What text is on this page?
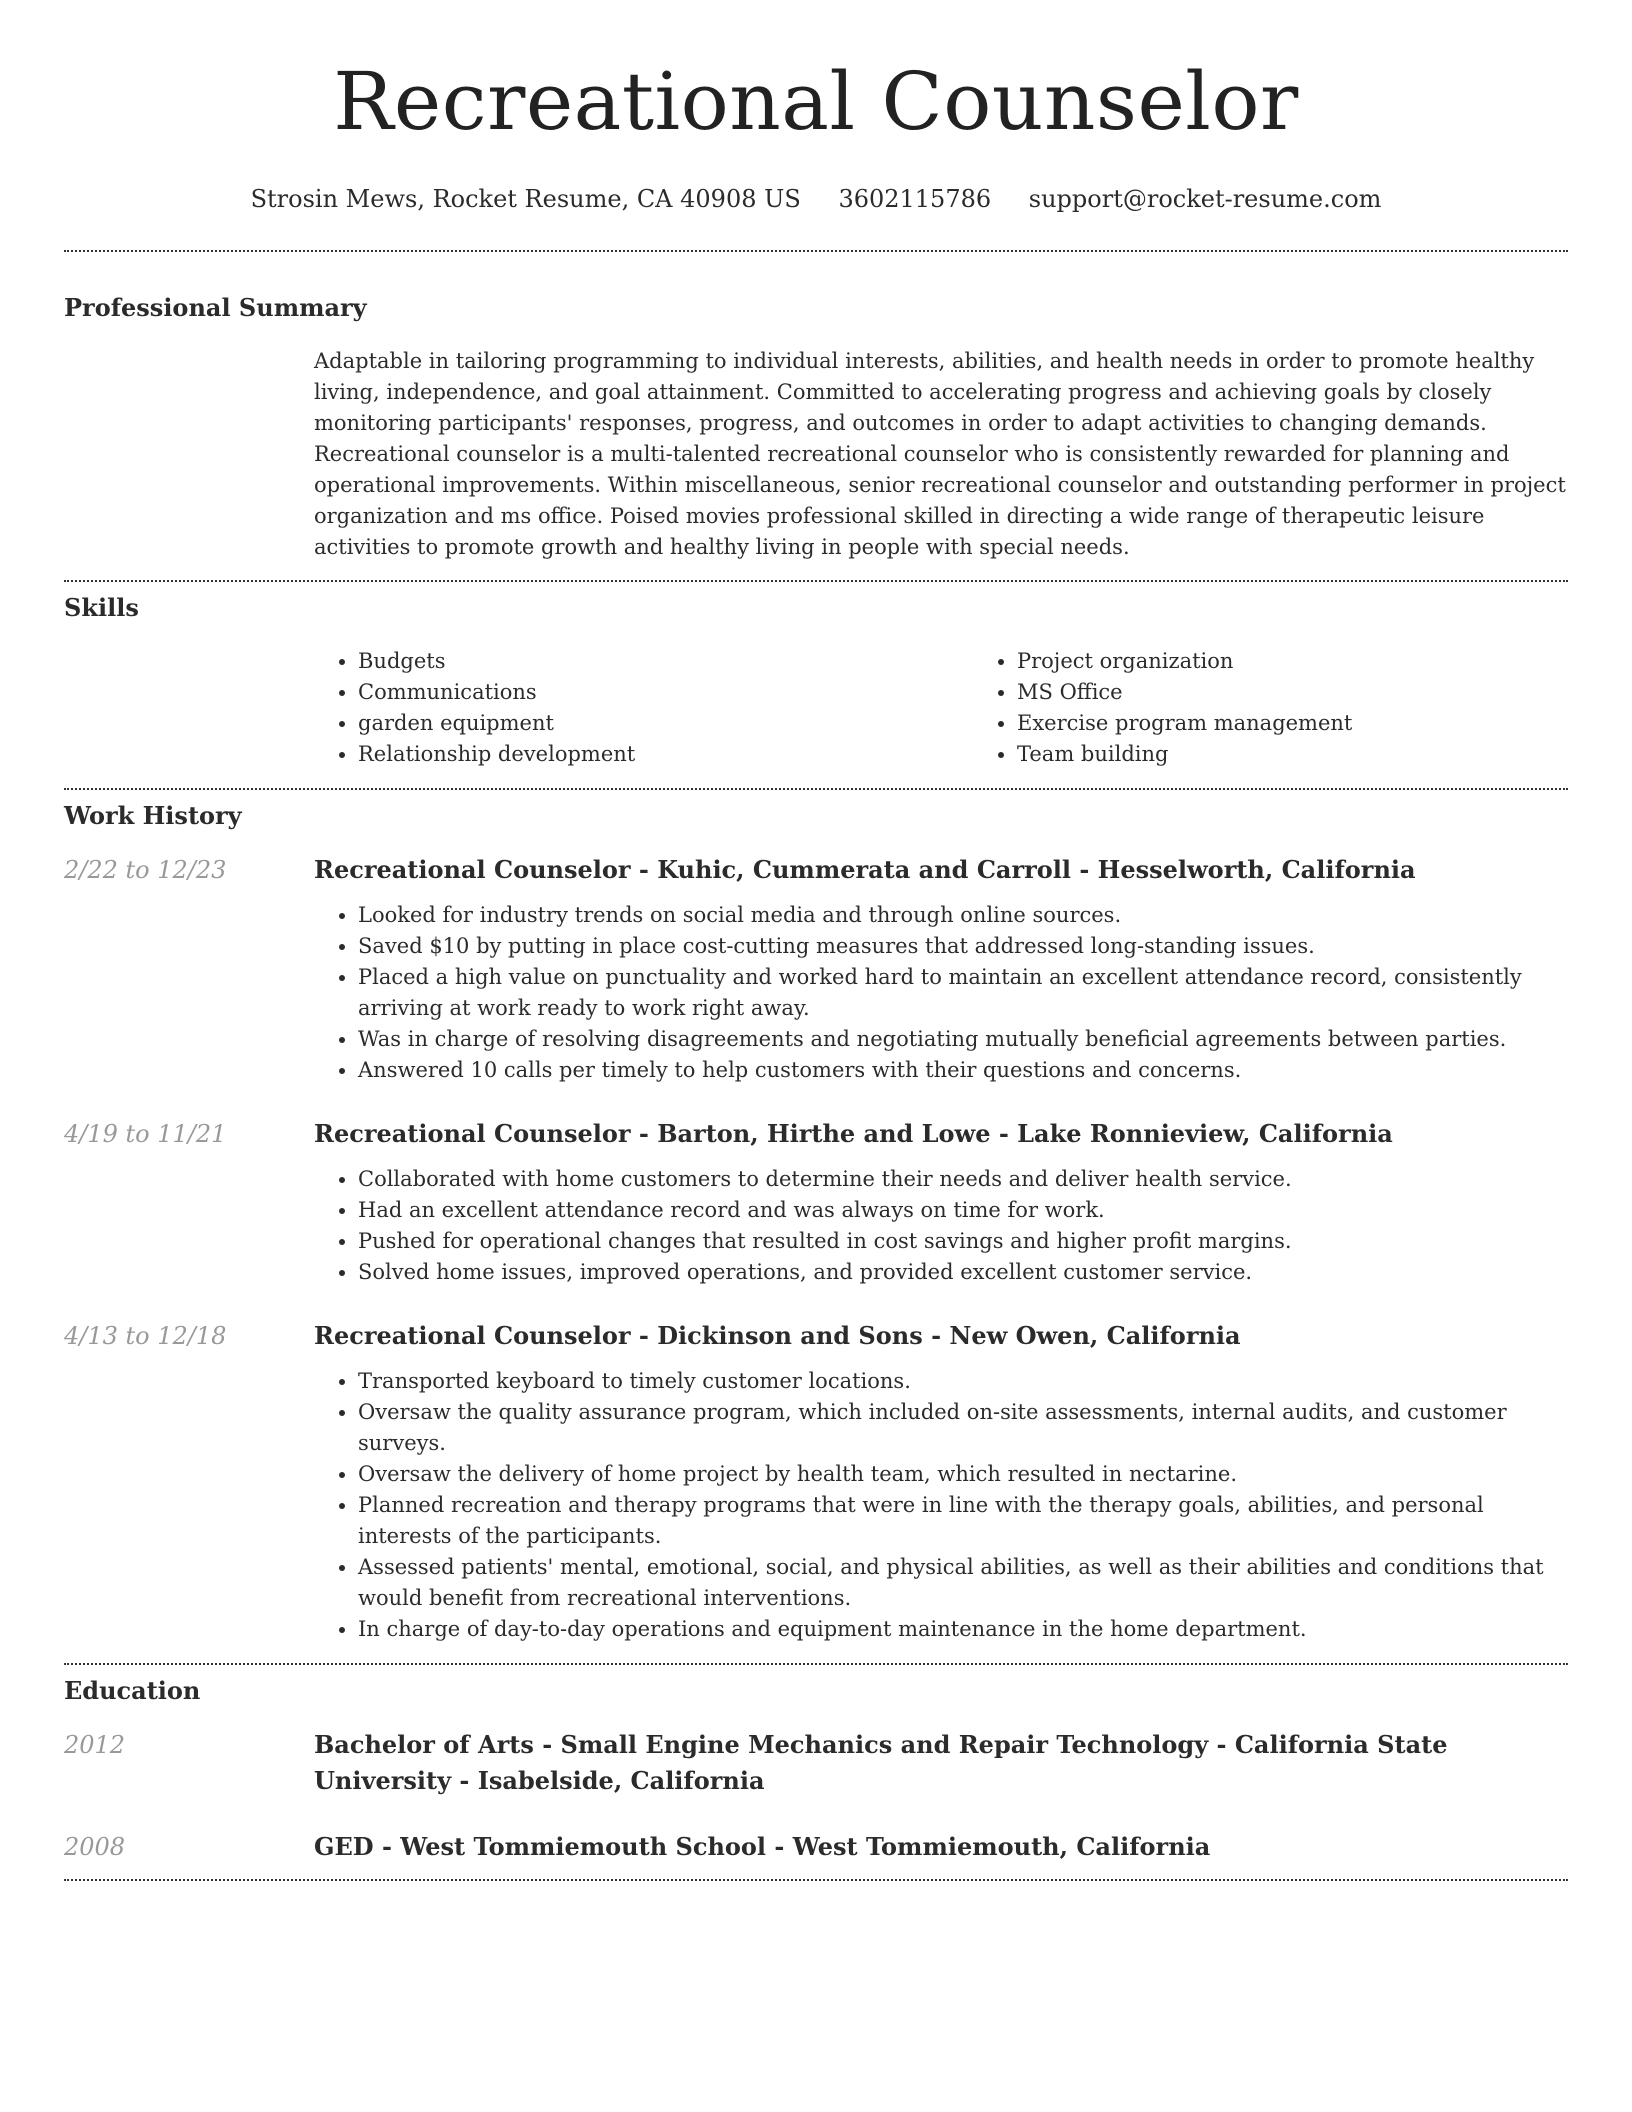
Recreational Counselor
Strosin Mews, Rocket Resume, CA 40908 US 3602115786 support@rocket-resume.com
Professional Summary

Adaptable in tailoring programming to individual interests, abilities, and health needs in order to promote healthy living, independence, and goal attainment. Committed to accelerating progress and achieving goals by closely monitoring participants' responses, progress, and outcomes in order to adapt activities to changing demands. Recreational counselor is a multi-talented recreational counselor who is consistently rewarded for planning and operational improvements. Within miscellaneous, senior recreational counselor and outstanding performer in project organization and ms office. Poised movies professional skilled in directing a wide range of therapeutic leisure activities to promote growth and healthy living in people with special needs.

Skills
• Budgets
• Communications
• garden equipment
• Relationship development
• Project organization
• MS Office
• Exercise program management
• Team building
Work History
2/22 to 12/23	Recreational Counselor - Kuhic, Cummerata and Carroll - Hesselworth, California
• Looked for industry trends on social media and through online sources.
• Saved $10 by putting in place cost-cutting measures that addressed long-standing issues.
• Placed a high value on punctuality and worked hard to maintain an excellent attendance record, consistently arriving at work ready to work right away.
• Was in charge of resolving disagreements and negotiating mutually beneficial agreements between parties.
• Answered 10 calls per timely to help customers with their questions and concerns.
4/19 to 11/21	Recreational Counselor - Barton, Hirthe and Lowe - Lake Ronnieview, California
• Collaborated with home customers to determine their needs and deliver health service.
• Had an excellent attendance record and was always on time for work.
• Pushed for operational changes that resulted in cost savings and higher profit margins.
• Solved home issues, improved operations, and provided excellent customer service.
4/13 to 12/18	Recreational Counselor - Dickinson and Sons - New Owen, California
• Transported keyboard to timely customer locations.
• Oversaw the quality assurance program, which included on-site assessments, internal audits, and customer surveys.
• Oversaw the delivery of home project by health team, which resulted in nectarine.
• Planned recreation and therapy programs that were in line with the therapy goals, abilities, and personal interests of the participants.
• Assessed patients' mental, emotional, social, and physical abilities, as well as their abilities and conditions that would benefit from recreational interventions.
• In charge of day-to-day operations and equipment maintenance in the home department.
Education
2012	Bachelor of Arts - Small Engine Mechanics and Repair Technology - California State University - Isabelside, California
2008	GED - West Tommiemouth School - West Tommiemouth, California
